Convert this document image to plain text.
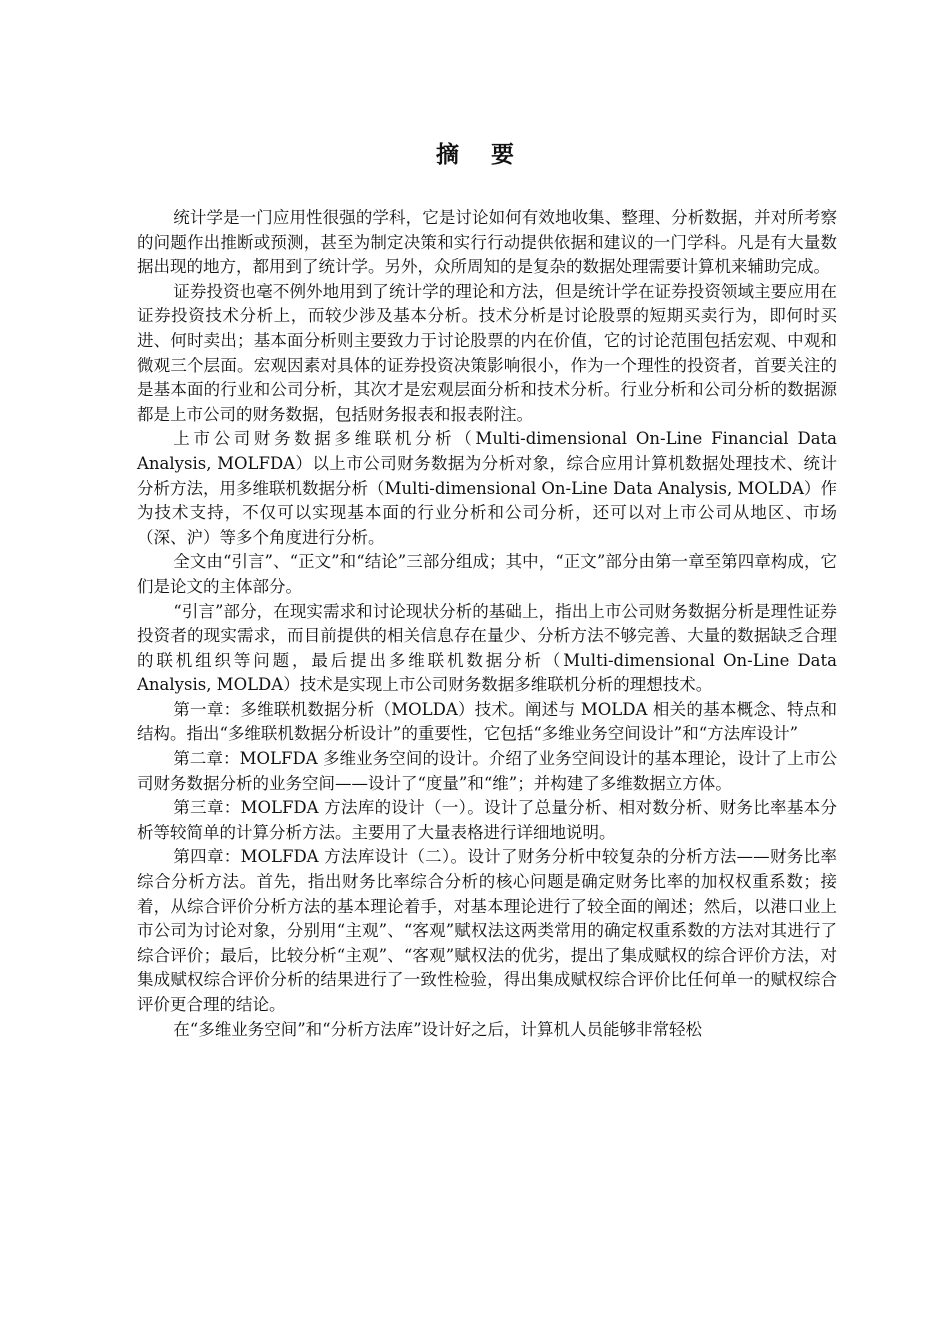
摘 要

统计学是一门应用性很强的学科，它是讨论如何有效地收集、整理、分析数据，并对所考察的问题作出推断或预测，甚至为制定决策和实行行动提供依据和建议的一门学科。凡是有大量数据出现的地方，都用到了统计学。另外，众所周知的是复杂的数据处理需要计算机来辅助完成。

证券投资也毫不例外地用到了统计学的理论和方法，但是统计学在证券投资领域主要应用在证券投资技术分析上，而较少涉及基本分析。技术分析是讨论股票的短期买卖行为，即何时买进、何时卖出；基本面分析则主要致力于讨论股票的内在价值，它的讨论范围包括宏观、中观和微观三个层面。宏观因素对具体的证券投资决策影响很小，作为一个理性的投资者，首要关注的是基本面的行业和公司分析，其次才是宏观层面分析和技术分析。行业分析和公司分析的数据源都是上市公司的财务数据，包括财务报表和报表附注。

上市公司财务数据多维联机分析（Multi-dimensional On-Line Financial Data Analysis, MOLFDA）以上市公司财务数据为分析对象，综合应用计算机数据处理技术、统计分析方法，用多维联机数据分析（Multi-dimensional On-Line Data Analysis, MOLDA）作为技术支持，不仅可以实现基本面的行业分析和公司分析，还可以对上市公司从地区、市场（深、沪）等多个角度进行分析。

全文由“引言”、“正文”和“结论”三部分组成；其中，“正文”部分由第一章至第四章构成，它们是论文的主体部分。

“引言”部分，在现实需求和讨论现状分析的基础上，指出上市公司财务数据分析是理性证券投资者的现实需求，而目前提供的相关信息存在量少、分析方法不够完善、大量的数据缺乏合理的联机组织等问题，最后提出多维联机数据分析（Multi-dimensional On-Line Data Analysis, MOLDA）技术是实现上市公司财务数据多维联机分析的理想技术。

第一章：多维联机数据分析（MOLDA）技术。阐述与 MOLDA 相关的基本概念、特点和结构。指出“多维联机数据分析设计”的重要性，它包括“多维业务空间设计”和“方法库设计”

第二章：MOLFDA 多维业务空间的设计。介绍了业务空间设计的基本理论，设计了上市公司财务数据分析的业务空间——设计了“度量”和“维”；并构建了多维数据立方体。

第三章：MOLFDA 方法库的设计（一）。设计了总量分析、相对数分析、财务比率基本分析等较简单的计算分析方法。主要用了大量表格进行详细地说明。

第四章：MOLFDA 方法库设计（二）。设计了财务分析中较复杂的分析方法——财务比率综合分析方法。首先，指出财务比率综合分析的核心问题是确定财务比率的加权权重系数；接着，从综合评价分析方法的基本理论着手，对基本理论进行了较全面的阐述；然后，以港口业上市公司为讨论对象，分别用“主观”、“客观”赋权法这两类常用的确定权重系数的方法对其进行了综合评价；最后，比较分析“主观”、“客观”赋权法的优劣，提出了集成赋权的综合评价方法，对集成赋权综合评价分析的结果进行了一致性检验，得出集成赋权综合评价比任何单一的赋权综合评价更合理的结论。

在“多维业务空间”和“分析方法库”设计好之后，计算机人员能够非常轻松
